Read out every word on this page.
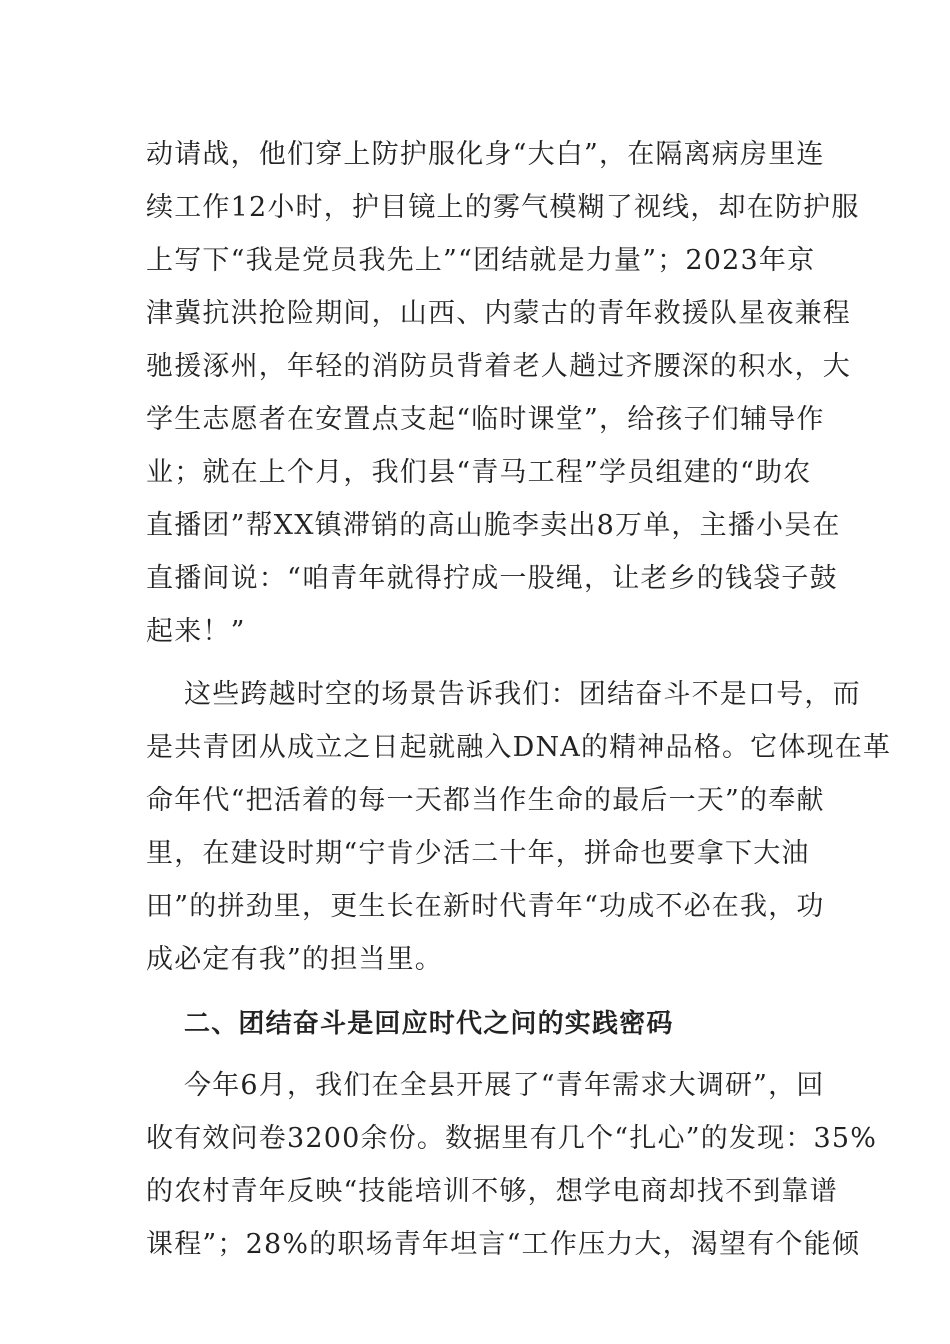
动请战，他们穿上防护服化身“大白”，在隔离病房里连
续工作12小时，护目镜上的雾气模糊了视线，却在防护服
上写下“我是党员我先上”“团结就是力量”；2023年京
津冀抗洪抢险期间，山西、内蒙古的青年救援队星夜兼程
驰援涿州，年轻的消防员背着老人趟过齐腰深的积水，大
学生志愿者在安置点支起“临时课堂”，给孩子们辅导作
业；就在上个月，我们县“青马工程”学员组建的“助农
直播团”帮XX镇滞销的高山脆李卖出8万单，主播小吴在
直播间说：“咱青年就得拧成一股绳，让老乡的钱袋子鼓
起来！”
这些跨越时空的场景告诉我们：团结奋斗不是口号，而
是共青团从成立之日起就融入DNA的精神品格。它体现在革
命年代“把活着的每一天都当作生命的最后一天”的奉献
里，在建设时期“宁肯少活二十年，拼命也要拿下大油
田”的拼劲里，更生长在新时代青年“功成不必在我，功
成必定有我”的担当里。
二、团结奋斗是回应时代之问的实践密码
今年6月，我们在全县开展了“青年需求大调研”，回
收有效问卷3200余份。数据里有几个“扎心”的发现：35%
的农村青年反映“技能培训不够，想学电商却找不到靠谱
课程”；28%的职场青年坦言“工作压力大，渴望有个能倾
